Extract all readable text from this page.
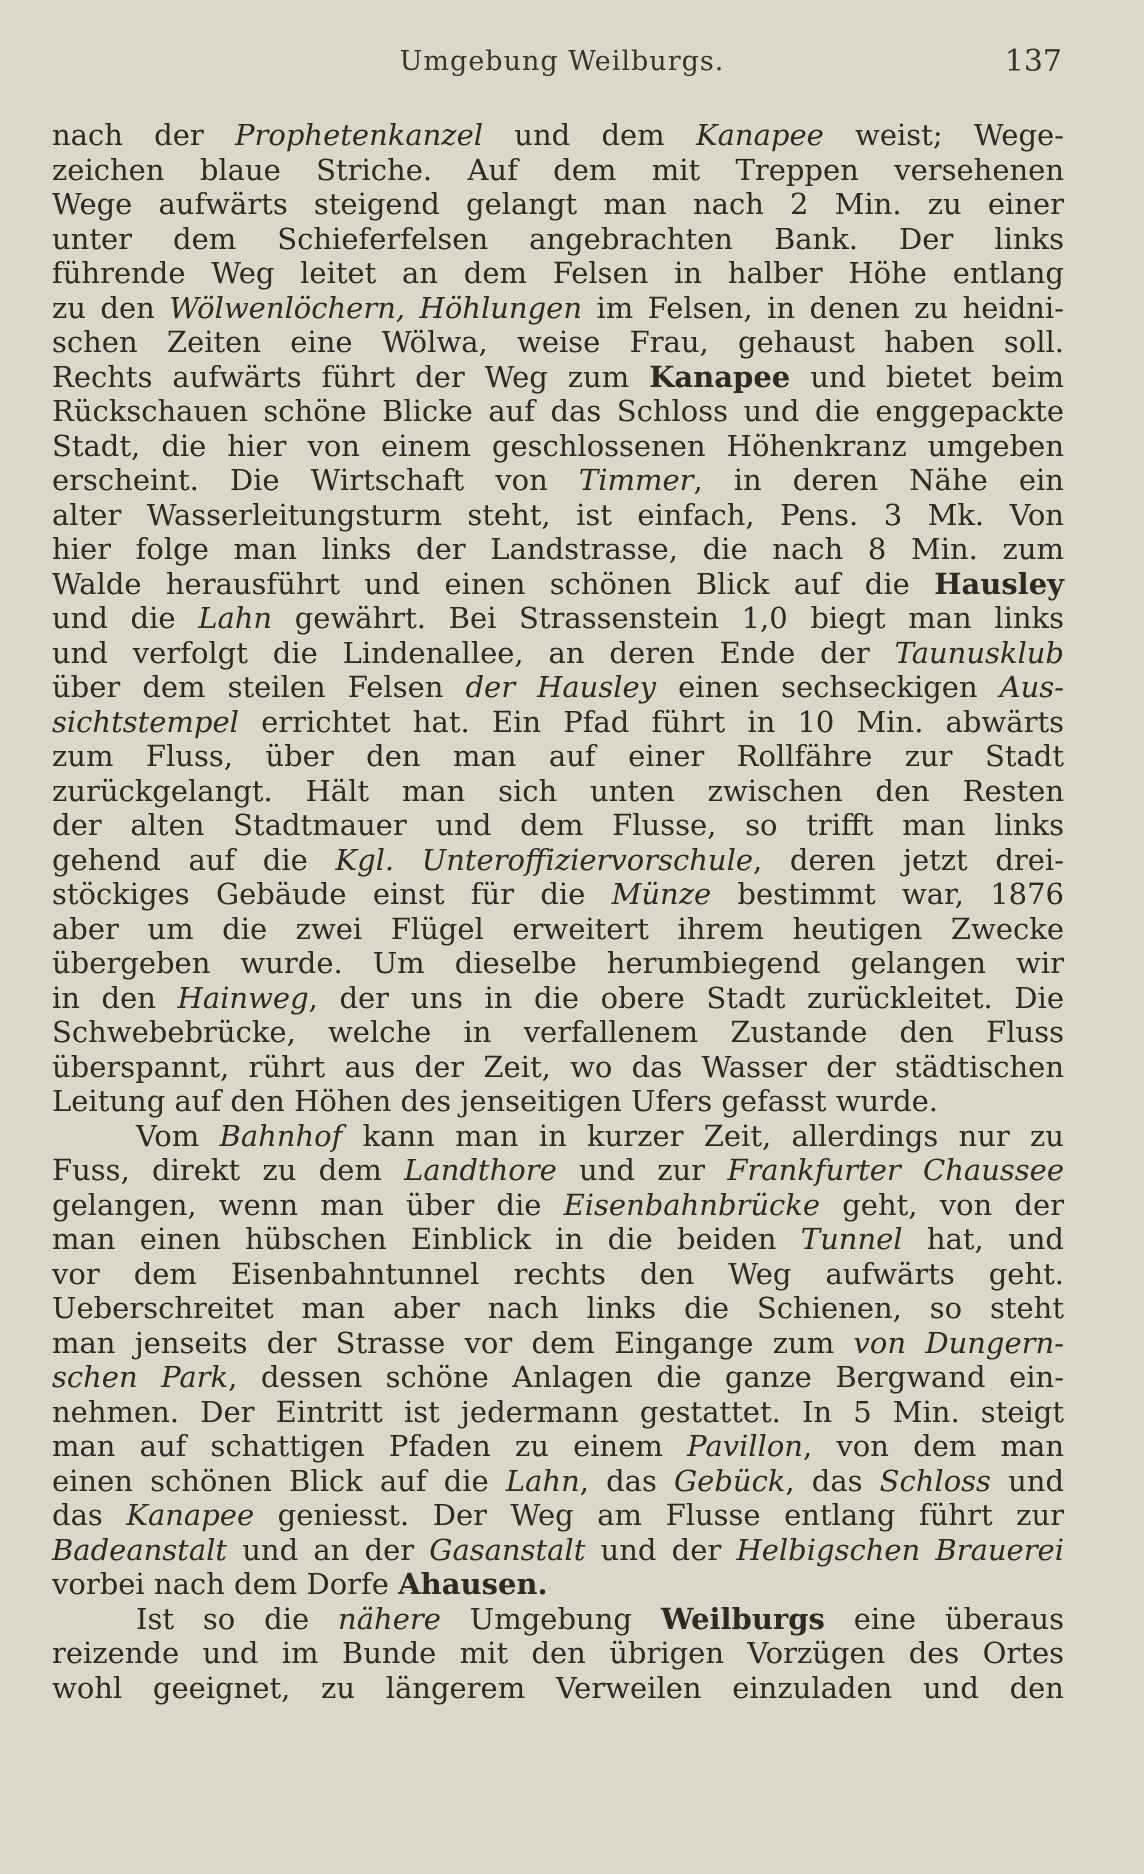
Umgebung Weilburgs.	137
nach der Prophetenkanzel und dem Kanapee weist; Wege-
zeichen blaue Striche. Auf dem mit Treppen versehenen
Wege aufwärts steigend gelangt man nach 2 Min. zu einer
unter dem Schieferfelsen angebrachten Bank. Der links
führende Weg leitet an dem Felsen in halber Höhe entlang
zu den Wölwenlöchern, Höhlungen im Felsen, in denen zu heidni-
schen Zeiten eine Wölwa, weise Frau, gehaust haben soll.
Rechts aufwärts führt der Weg zum Kanapee und bietet beim
Rückschauen schöne Blicke auf das Schloss und die enggepackte
Stadt, die hier von einem geschlossenen Höhenkranz umgeben
erscheint. Die Wirtschaft von Timmer, in deren Nähe ein
alter Wasserleitungsturm steht, ist einfach, Pens. 3 Mk. Von
hier folge man links der Landstrasse, die nach 8 Min. zum
Walde herausführt und einen schönen Blick auf die Hausley
und die Lahn gewährt. Bei Strassenstein 1,0 biegt man links
und verfolgt die Lindenallee, an deren Ende der Taunusklub
über dem steilen Felsen der Hausley einen sechseckigen Aus-
sichtstempel errichtet hat. Ein Pfad führt in 10 Min. abwärts
zum Fluss, über den man auf einer Rollfähre zur Stadt
zurückgelangt. Hält man sich unten zwischen den Resten
der alten Stadtmauer und dem Flusse, so trifft man links
gehend auf die Kgl. Unteroffiziervorschule, deren jetzt drei-
stöckiges Gebäude einst für die Münze bestimmt war, 1876
aber um die zwei Flügel erweitert ihrem heutigen Zwecke
übergeben wurde. Um dieselbe herumbiegend gelangen wir
in den Hainweg, der uns in die obere Stadt zurückleitet. Die
Schwebebrücke, welche in verfallenem Zustande den Fluss
überspannt, rührt aus der Zeit, wo das Wasser der städtischen
Leitung auf den Höhen des jenseitigen Ufers gefasst wurde.
Vom Bahnhof kann man in kurzer Zeit, allerdings nur zu
Fuss, direkt zu dem Landthore und zur Frankfurter Chaussee
gelangen, wenn man über die Eisenbahnbrücke geht, von der
man einen hübschen Einblick in die beiden Tunnel hat, und
vor dem Eisenbahntunnel rechts den Weg aufwärts geht.
Ueberschreitet man aber nach links die Schienen, so steht
man jenseits der Strasse vor dem Eingange zum von Dungern-
schen Park, dessen schöne Anlagen die ganze Bergwand ein-
nehmen. Der Eintritt ist jedermann gestattet. In 5 Min. steigt
man auf schattigen Pfaden zu einem Pavillon, von dem man
einen schönen Blick auf die Lahn, das Gebück, das Schloss und
das Kanapee geniesst. Der Weg am Flusse entlang führt zur
Badeanstalt und an der Gasanstalt und der Helbigschen Brauerei
vorbei nach dem Dorfe Ahausen.
Ist so die nähere Umgebung Weilburgs eine überaus
reizende und im Bunde mit den übrigen Vorzügen des Ortes
wohl geeignet, zu längerem Verweilen einzuladen und den
